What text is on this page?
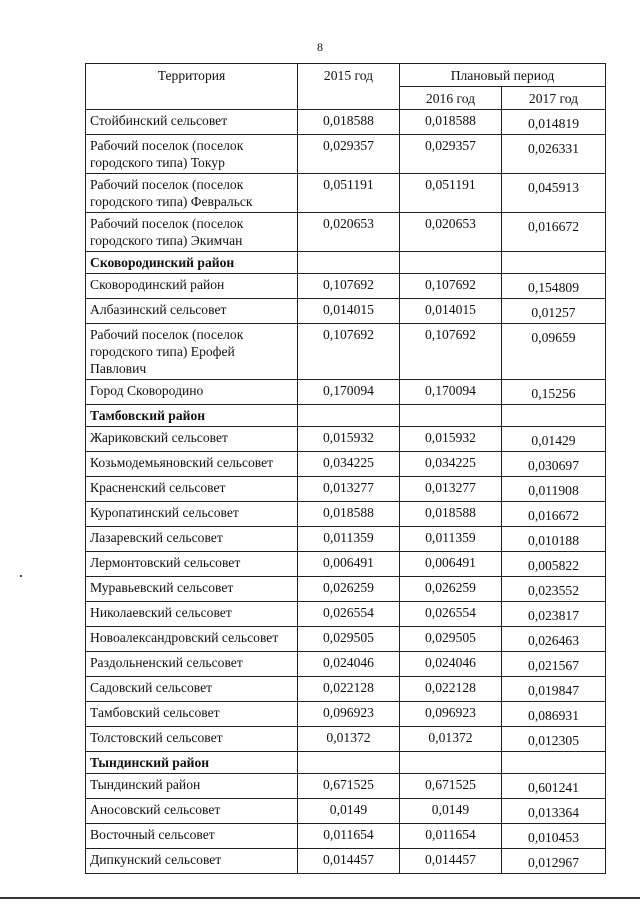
8
Территория	2015 год	Плановый период	
		2016 год	2017 год
Стойбинский сельсовет	0,018588	0,018588	0,014819
Рабочий поселок (поселок городского типа) Токур	0,029357	0,029357	0,026331
Рабочий поселок (поселок городского типа) Февральск	0,051191	0,051191	0,045913
Рабочий поселок (поселок городского типа) Экимчан	0,020653	0,020653	0,016672
Сковородинский район			
Сковородинский район	0,107692	0,107692	0,154809
Албазинский сельсовет	0,014015	0,014015	0,01257
Рабочий поселок (поселок городского типа) Ерофей Павлович	0,107692	0,107692	0,09659
Город Сковородино	0,170094	0,170094	0,15256
Тамбовский район			
Жариковский сельсовет	0,015932	0,015932	0,01429
Козьмодемьяновский сельсовет	0,034225	0,034225	0,030697
Красненский сельсовет	0,013277	0,013277	0,011908
Куропатинский сельсовет	0,018588	0,018588	0,016672
Лазаревский сельсовет	0,011359	0,011359	0,010188
Лермонтовский сельсовет	0,006491	0,006491	0,005822
Муравьевский сельсовет	0,026259	0,026259	0,023552
Николаевский сельсовет	0,026554	0,026554	0,023817
Новоалександровский сельсовет	0,029505	0,029505	0,026463
Раздольненский сельсовет	0,024046	0,024046	0,021567
Садовский сельсовет	0,022128	0,022128	0,019847
Тамбовский сельсовет	0,096923	0,096923	0,086931
Толстовский сельсовет	0,01372	0,01372	0,012305
Тындинский район			
Тындинский район	0,671525	0,671525	0,601241
Аносовский сельсовет	0,0149	0,0149	0,013364
Восточный сельсовет	0,011654	0,011654	0,010453
Дипкунский сельсовет	0,014457	0,014457	0,012967
